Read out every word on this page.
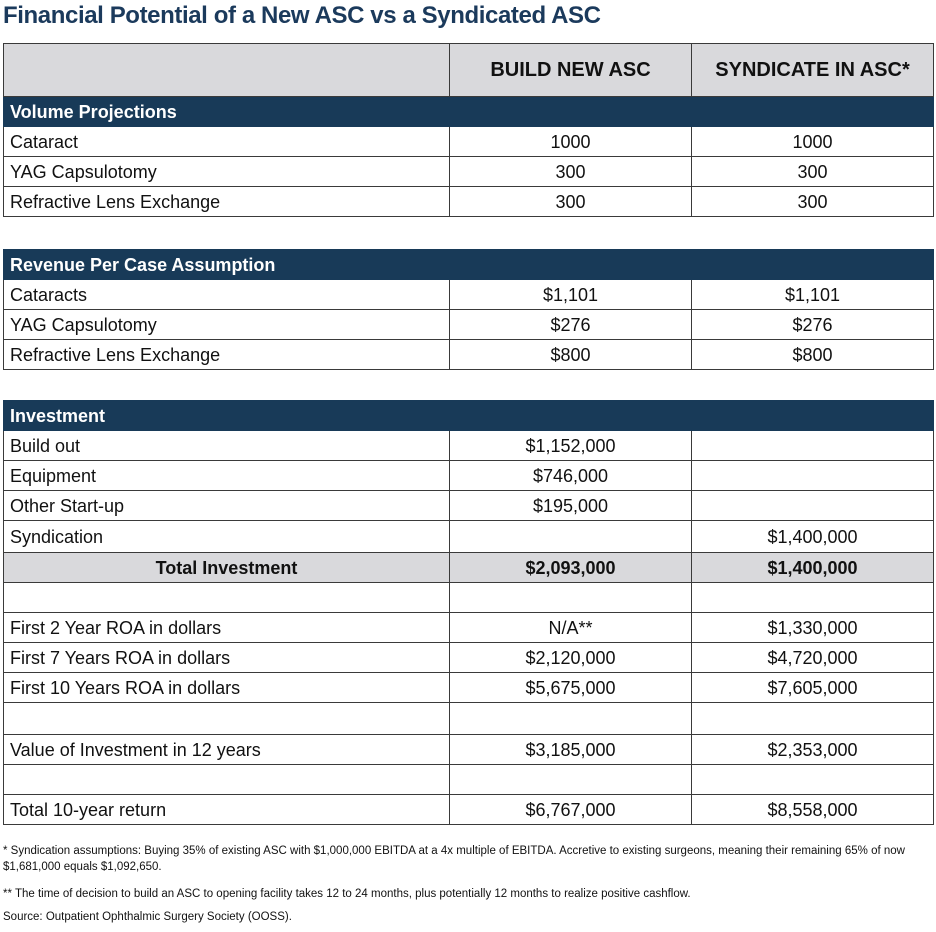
Financial Potential of a New ASC vs a Syndicated ASC
	BUILD NEW ASC	SYNDICATE IN ASC*
Volume Projections		
Cataract	1000	1000
YAG Capsulotomy	300	300
Refractive Lens Exchange	300	300
Revenue Per Case Assumption		
Cataracts	$1,101	$1,101
YAG Capsulotomy	$276	$276
Refractive Lens Exchange	$800	$800
Investment		
Build out	$1,152,000	
Equipment	$746,000	
Other Start-up	$195,000	
Syndication		$1,400,000
Total Investment	$2,093,000	$1,400,000

First 2 Year ROA in dollars	N/A**	$1,330,000
First 7 Years ROA in dollars	$2,120,000	$4,720,000
First 10 Years ROA in dollars	$5,675,000	$7,605,000

Value of Investment in 12 years	$3,185,000	$2,353,000

Total 10-year return	$6,767,000	$8,558,000
* Syndication assumptions: Buying 35% of existing ASC with $1,000,000 EBITDA at a 4x multiple of EBITDA. Accretive to existing surgeons, meaning their remaining 65% of now $1,681,000 equals $1,092,650.
** The time of decision to build an ASC to opening facility takes 12 to 24 months, plus potentially 12 months to realize positive cashflow.
Source: Outpatient Ophthalmic Surgery Society (OOSS).
